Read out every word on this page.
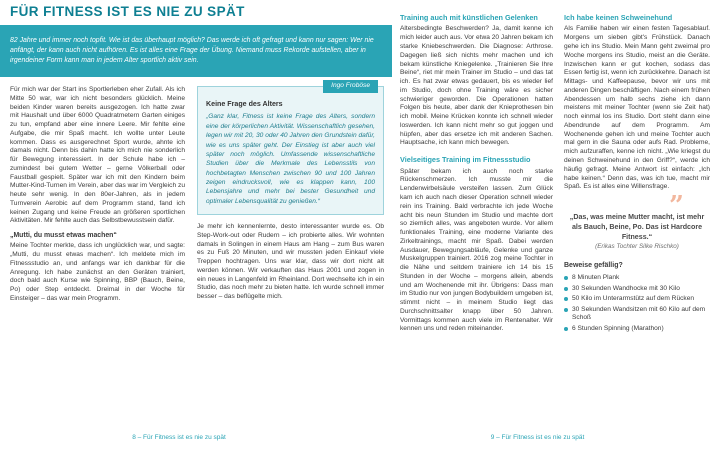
FÜR FITNESS IST ES NIE ZU SPÄT

82 Jahre und immer noch topfit. Wie ist das überhaupt möglich? Das werde ich oft gefragt und kann nur sagen: Wer nie anfängt, der kann auch nicht aufhören. Es ist alles eine Frage der Übung. Niemand muss Rekorde aufstellen, aber in irgendeiner Form kann man in jedem Alter sportlich aktiv sein.

Für mich war der Start ins Sportlerleben eher Zufall. Als ich Mitte 50 war, war ich nicht besonders glücklich. Meine beiden Kinder waren bereits ausgezogen. Ich hatte zwar mit Haushalt und über 6000 Quadratmetern Garten einiges zu tun, empfand aber eine innere Leere. Mir fehlte eine Aufgabe, die mir Spaß macht. Ich wollte unter Leute kommen. Dass es ausgerechnet Sport wurde, ahnte ich damals nicht. Denn bis dahin hatte ich mich nie sonderlich für Bewegung interessiert. In der Schule habe ich – zumindest bei gutem Wetter – gerne Völkerball oder Faustball gespielt. Später war ich mit den Kindern beim Mutter-Kind-Turnen im Verein, aber das war im Vergleich zu heute sehr wenig. In den 80er-Jahren, als in jedem Turnverein Aerobic auf dem Programm stand, fand ich keinen Zugang und keine Freude an größeren sportlichen Aktivitäten. Mir fehlte auch das Selbstbewusstsein dafür.

„Mutti, du musst etwas machen“

Meine Tochter merkte, dass ich unglücklich war, und sagte: „Mutti, du musst etwas machen“. Ich meldete mich im Fitnessstudio an, und anfangs war ich dankbar für die Anregung. Ich habe zunächst an den Geräten trainiert, doch bald auch Kurse wie Spinning, BBP (Bauch, Beine, Po) oder Step entdeckt. Dreimal in der Woche für Einsteiger – das war mein Programm.

Ingo Froböse
Keine Frage des Alters

„Ganz klar, Fitness ist keine Frage des Alters, sondern eine der körperlichen Aktivität. Wissenschaftlich gesehen, legen wir mit 20, 30 oder 40 Jahren den Grundstein dafür, wie es uns später geht. Der Einstieg ist aber auch viel später noch möglich. Umfassende wissenschaftliche Studien über die Merkmale des Lebensstils von hochbetagten Menschen zwischen 90 und 100 Jahren zeigen eindrucksvoll, wie es klappen kann, 100 Lebensjahre und mehr bei bester Gesundheit und optimaler Lebensqualität zu genießen.“

Je mehr ich kennenlernte, desto interessanter wurde es. Ob Step-Work-out oder Rudern – ich probierte alles. Wir wohnten damals in Solingen in einem Haus am Hang – zum Bus waren es zu Fuß 20 Minuten, und wir mussten jeden Einkauf viele Treppen hochtragen. Uns war klar, dass wir dort nicht alt werden können. Wir verkauften das Haus 2001 und zogen in ein neues in Langenfeld im Rheinland. Dort wechselte ich in ein Studio, das noch mehr zu bieten hatte. Ich wurde schnell immer besser – das beflügelte mich.

Training auch mit künstlichen Gelenken

Altersbedingte Beschwerden? Ja, damit kenne ich mich leider auch aus. Vor etwa 20 Jahren bekam ich starke Kniebeschwerden. Die Diagnose: Arthrose. Dagegen ließ sich nichts mehr machen und ich bekam künstliche Kniegelenke. „Trainieren Sie Ihre Beine“, riet mir mein Trainer im Studio – und das tat ich. Es hat zwar etwas gedauert, bis es wieder lief im Studio, doch ohne Training wäre es sicher schwieriger geworden. Die Operationen hatten Folgen bis heute, aber dank der Knieprothesen bin ich mobil. Meine Krücken konnte ich schnell wieder loswerden. Ich kann nicht mehr so gut joggen und hüpfen, aber das ersetze ich mit anderen Sachen. Hauptsache, ich kann mich bewegen.

Vielseitiges Training im Fitnessstudio

Später bekam ich auch noch starke Rückenschmerzen. Ich musste mir die Lendenwirbelsäule versteifen lassen. Zum Glück kam ich auch nach dieser Operation schnell wieder rein ins Training. Bald verbrachte ich jede Woche acht bis neun Stunden im Studio und machte dort so ziemlich alles, was angeboten wurde. Vor allem funktionales Training, eine moderne Variante des Zirkeltrainings, macht mir Spaß. Dabei werden Ausdauer, Bewegungsabläufe, Gelenke und ganze Muskelgruppen trainiert. 2016 zog meine Tochter in die Nähe und seitdem trainiere ich 14 bis 15 Stunden in der Woche – morgens allein, abends und am Wochenende mit ihr. Übrigens: Dass man im Studio nur von jungen Bodybuildern umgeben ist, stimmt nicht – in meinem Studio liegt das Durchschnittsalter knapp über 50 Jahren. Vormittags kommen auch viele im Rentenalter. Wir kennen uns und reden miteinander.

Ich habe keinen Schweinehund

Als Familie haben wir einen festen Tagesablauf. Morgens um sieben gibt's Frühstück. Danach gehe ich ins Studio. Mein Mann geht zweimal pro Woche morgens ins Studio, meist an die Geräte. Inzwischen kann er gut kochen, sodass das Essen fertig ist, wenn ich zurückkehre. Danach ist Mittags- und Kaffeepause, bevor wir uns mit anderen Dingen beschäftigen. Nach einem frühen Abendessen um halb sechs ziehe ich dann meistens mit meiner Tochter (wenn sie Zeit hat) noch einmal los ins Studio. Dort steht dann eine Abendrunde auf dem Programm. Am Wochenende gehen ich und meine Tochter auch mal gern in die Sauna oder aufs Rad. Probleme, mich aufzuraffen, kenne ich nicht. „Wie kriegst du deinen Schweinehund in den Griff?“, werde ich häufig gefragt. Meine Antwort ist einfach: „Ich habe keinen.“ Denn das, was ich tue, macht mir Spaß. Es ist alles eine Willensfrage.

”

„Das, was meine Mutter macht, ist mehr als Bauch, Beine, Po. Das ist Hardcore Fitness.“

(Erikas Tochter Silke Rischko)

Beweise gefällig?
8 Minuten Plank
30 Sekunden Wandhocke mit 30 Kilo
50 Kilo im Unterarmstütz auf dem Rücken
30 Sekunden Wandsitzen mit 60 Kilo auf dem Schoß
6 Stunden Spinning (Marathon)
8 – Für Fitness ist es nie zu spät	9 – Für Fitness ist es nie zu spät
